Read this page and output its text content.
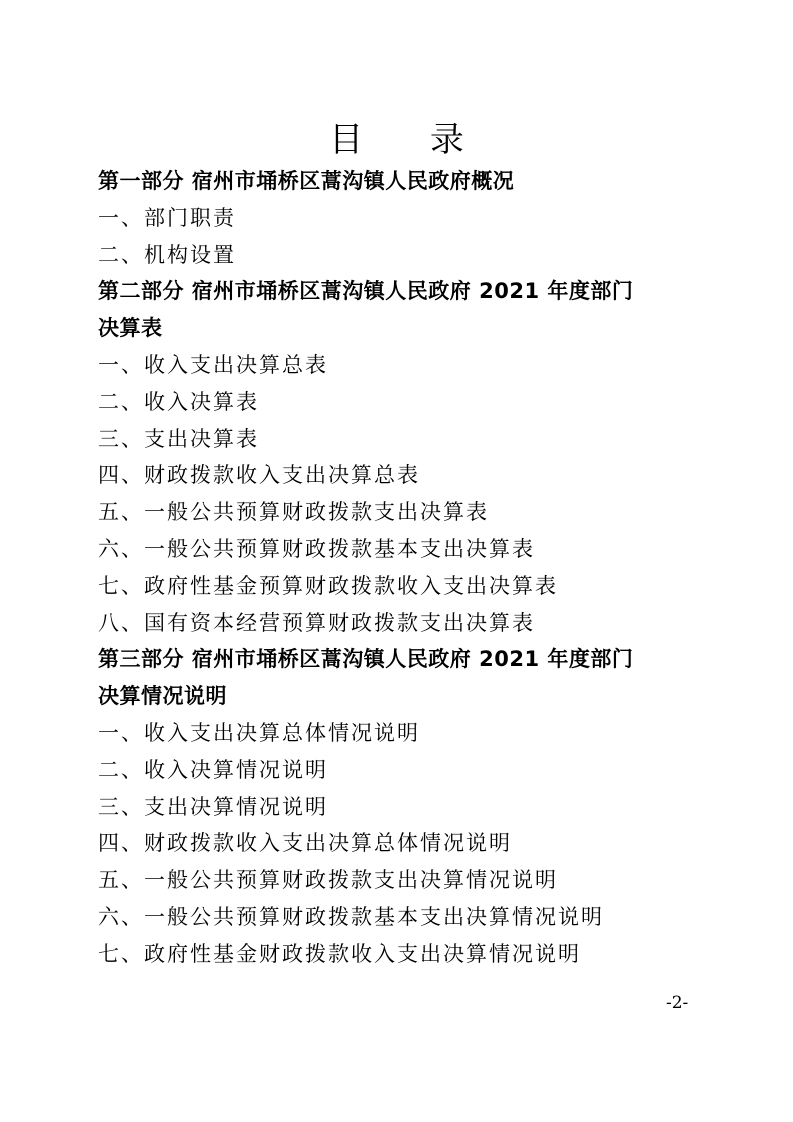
目 录
第一部分 宿州市埇桥区蒿沟镇人民政府概况
一、部门职责
二、机构设置
第二部分 宿州市埇桥区蒿沟镇人民政府 2021 年度部门
决算表
一、收入支出决算总表
二、收入决算表
三、支出决算表
四、财政拨款收入支出决算总表
五、一般公共预算财政拨款支出决算表
六、一般公共预算财政拨款基本支出决算表
七、政府性基金预算财政拨款收入支出决算表
八、国有资本经营预算财政拨款支出决算表
第三部分 宿州市埇桥区蒿沟镇人民政府 2021 年度部门
决算情况说明
一、收入支出决算总体情况说明
二、收入决算情况说明
三、支出决算情况说明
四、财政拨款收入支出决算总体情况说明
五、一般公共预算财政拨款支出决算情况说明
六、一般公共预算财政拨款基本支出决算情况说明
七、政府性基金财政拨款收入支出决算情况说明
-2-
